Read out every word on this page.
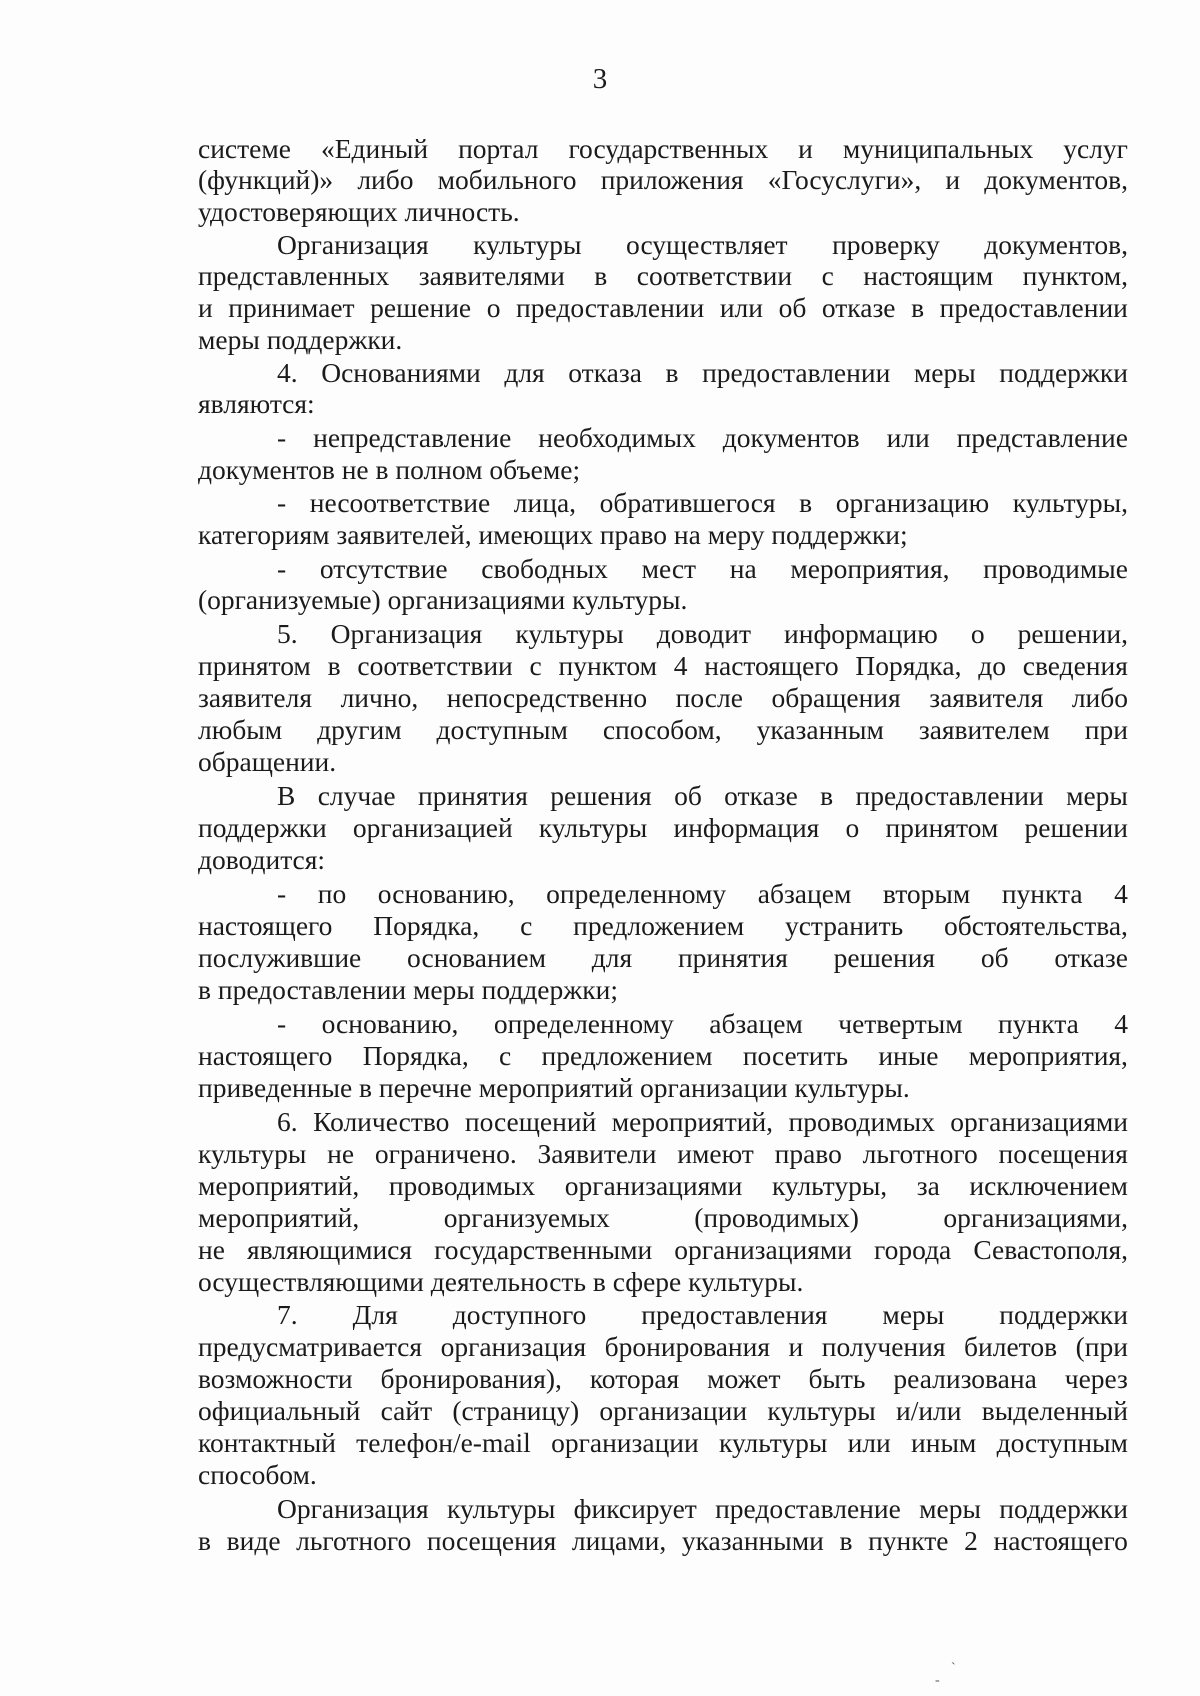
3
системе «Единый портал государственных и муниципальных услуг
(функций)» либо мобильного приложения «Госуслуги», и документов,
удостоверяющих личность.
Организация культуры осуществляет проверку документов,
представленных заявителями в соответствии с настоящим пунктом,
и принимает решение о предоставлении или об отказе в предоставлении
меры поддержки.
4. Основаниями для отказа в предоставлении меры поддержки
являются:
- непредставление необходимых документов или представление
документов не в полном объеме;
- несоответствие лица, обратившегося в организацию культуры,
категориям заявителей, имеющих право на меру поддержки;
- отсутствие свободных мест на мероприятия, проводимые
(организуемые) организациями культуры.
5. Организация культуры доводит информацию о решении,
принятом в соответствии с пунктом 4 настоящего Порядка, до сведения
заявителя лично, непосредственно после обращения заявителя либо
любым другим доступным способом, указанным заявителем при
обращении.
В случае принятия решения об отказе в предоставлении меры
поддержки организацией культуры информация о принятом решении
доводится:
- по основанию, определенному абзацем вторым пункта 4
настоящего Порядка, с предложением устранить обстоятельства,
послужившие основанием для принятия решения об отказе
в предоставлении меры поддержки;
- основанию, определенному абзацем четвертым пункта 4
настоящего Порядка, с предложением посетить иные мероприятия,
приведенные в перечне мероприятий организации культуры.
6. Количество посещений мероприятий, проводимых организациями
культуры не ограничено. Заявители имеют право льготного посещения
мероприятий, проводимых организациями культуры, за исключением
мероприятий,	организуемых	(проводимых)	организациями,
не являющимися государственными организациями города Севастополя,
осуществляющими деятельность в сфере культуры.
7. Для доступного предоставления меры поддержки
предусматривается организация бронирования и получения билетов (при
возможности бронирования), которая может быть реализована через
официальный сайт (страницу) организации культуры и/или выделенный
контактный телефон/e-mail организации культуры или иным доступным
способом.
Организация культуры фиксирует предоставление меры поддержки
в виде льготного посещения лицами, указанными в пункте 2 настоящего
`
-
